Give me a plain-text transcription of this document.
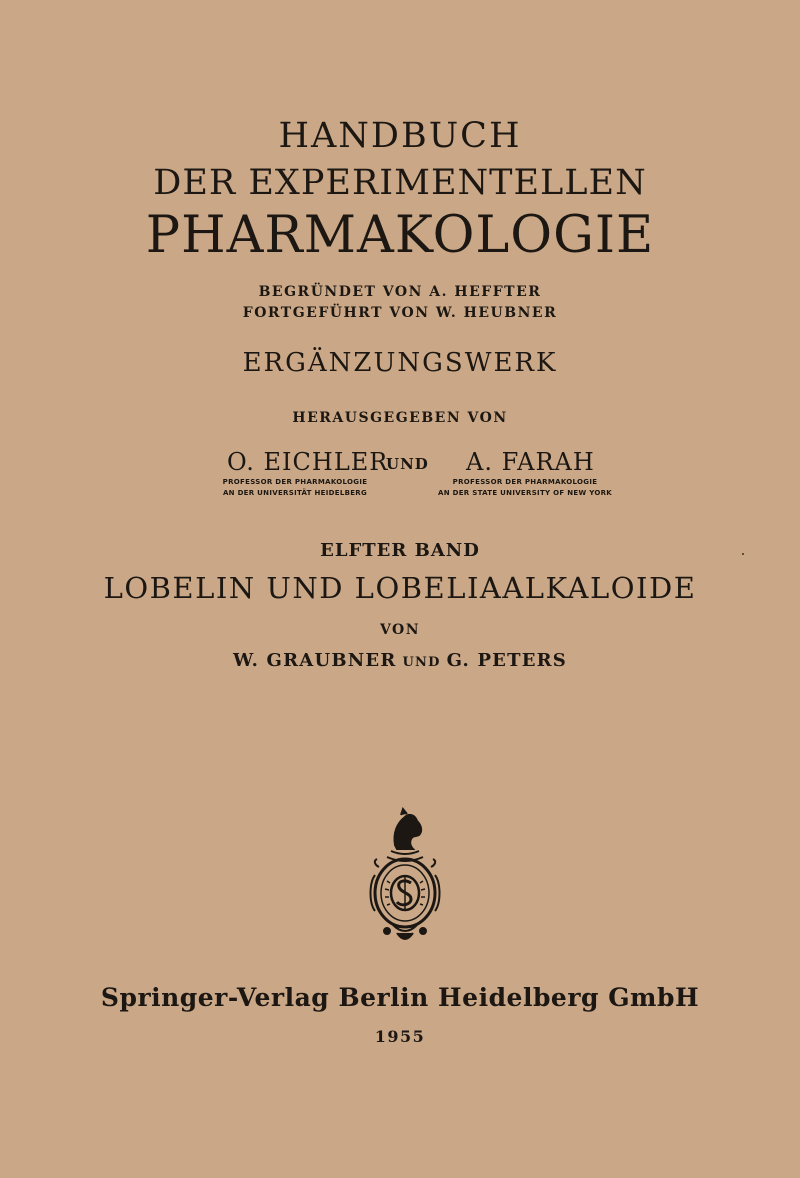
HANDBUCH
DER EXPERIMENTELLEN
PHARMAKOLOGIE
BEGRÜNDET VON A. HEFFTER
FORTGEFÜHRT VON W. HEUBNER
ERGÄNZUNGSWERK
HERAUSGEGEBEN VON
O. EICHLER
UND A. FARAH
PROFESSOR DER PHARMAKOLOGIE
AN DER UNIVERSITÄT HEIDELBERG
PROFESSOR DER PHARMAKOLOGIE
AN DER STATE UNIVERSITY OF NEW YORK
ELFTER BAND
LOBELIN UND LOBELIAALKALOIDE
VON
W. GRAUBNER UND G. PETERS
Springer-Verlag Berlin Heidelberg GmbH
1955
